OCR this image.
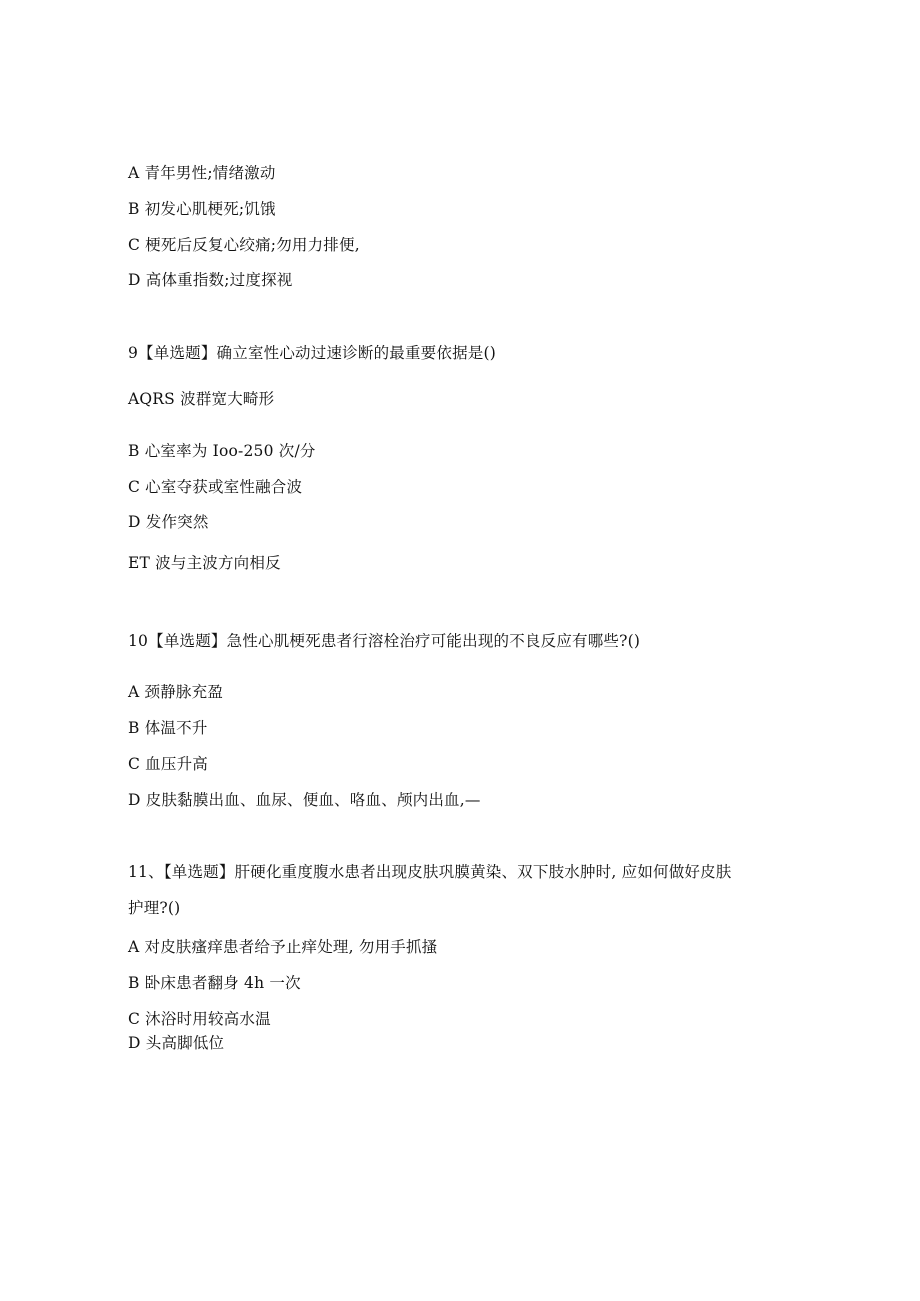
A 青年男性;情绪激动
B 初发心肌梗死;饥饿
C 梗死后反复心绞痛;勿用力排便,
D 高体重指数;过度探视
9【单选题】确立室性心动过速诊断的最重要依据是()
AQRS 波群宽大畸形
B 心室率为 Ioo-250 次/分
C 心室夺获或室性融合波
D 发作突然
ET 波与主波方向相反
10【单选题】急性心肌梗死患者行溶栓治疗可能出现的不良反应有哪些?()
A 颈静脉充盈
B 体温不升
C 血压升高
D 皮肤黏膜出血、血尿、便血、咯血、颅内出血,—
11、【单选题】肝硬化重度腹水患者出现皮肤巩膜黄染、双下肢水肿时, 应如何做好皮肤
护理?()
A 对皮肤瘙痒患者给予止痒处理, 勿用手抓搔
B 卧床患者翻身 4h 一次
C 沐浴时用较高水温
D 头高脚低位
